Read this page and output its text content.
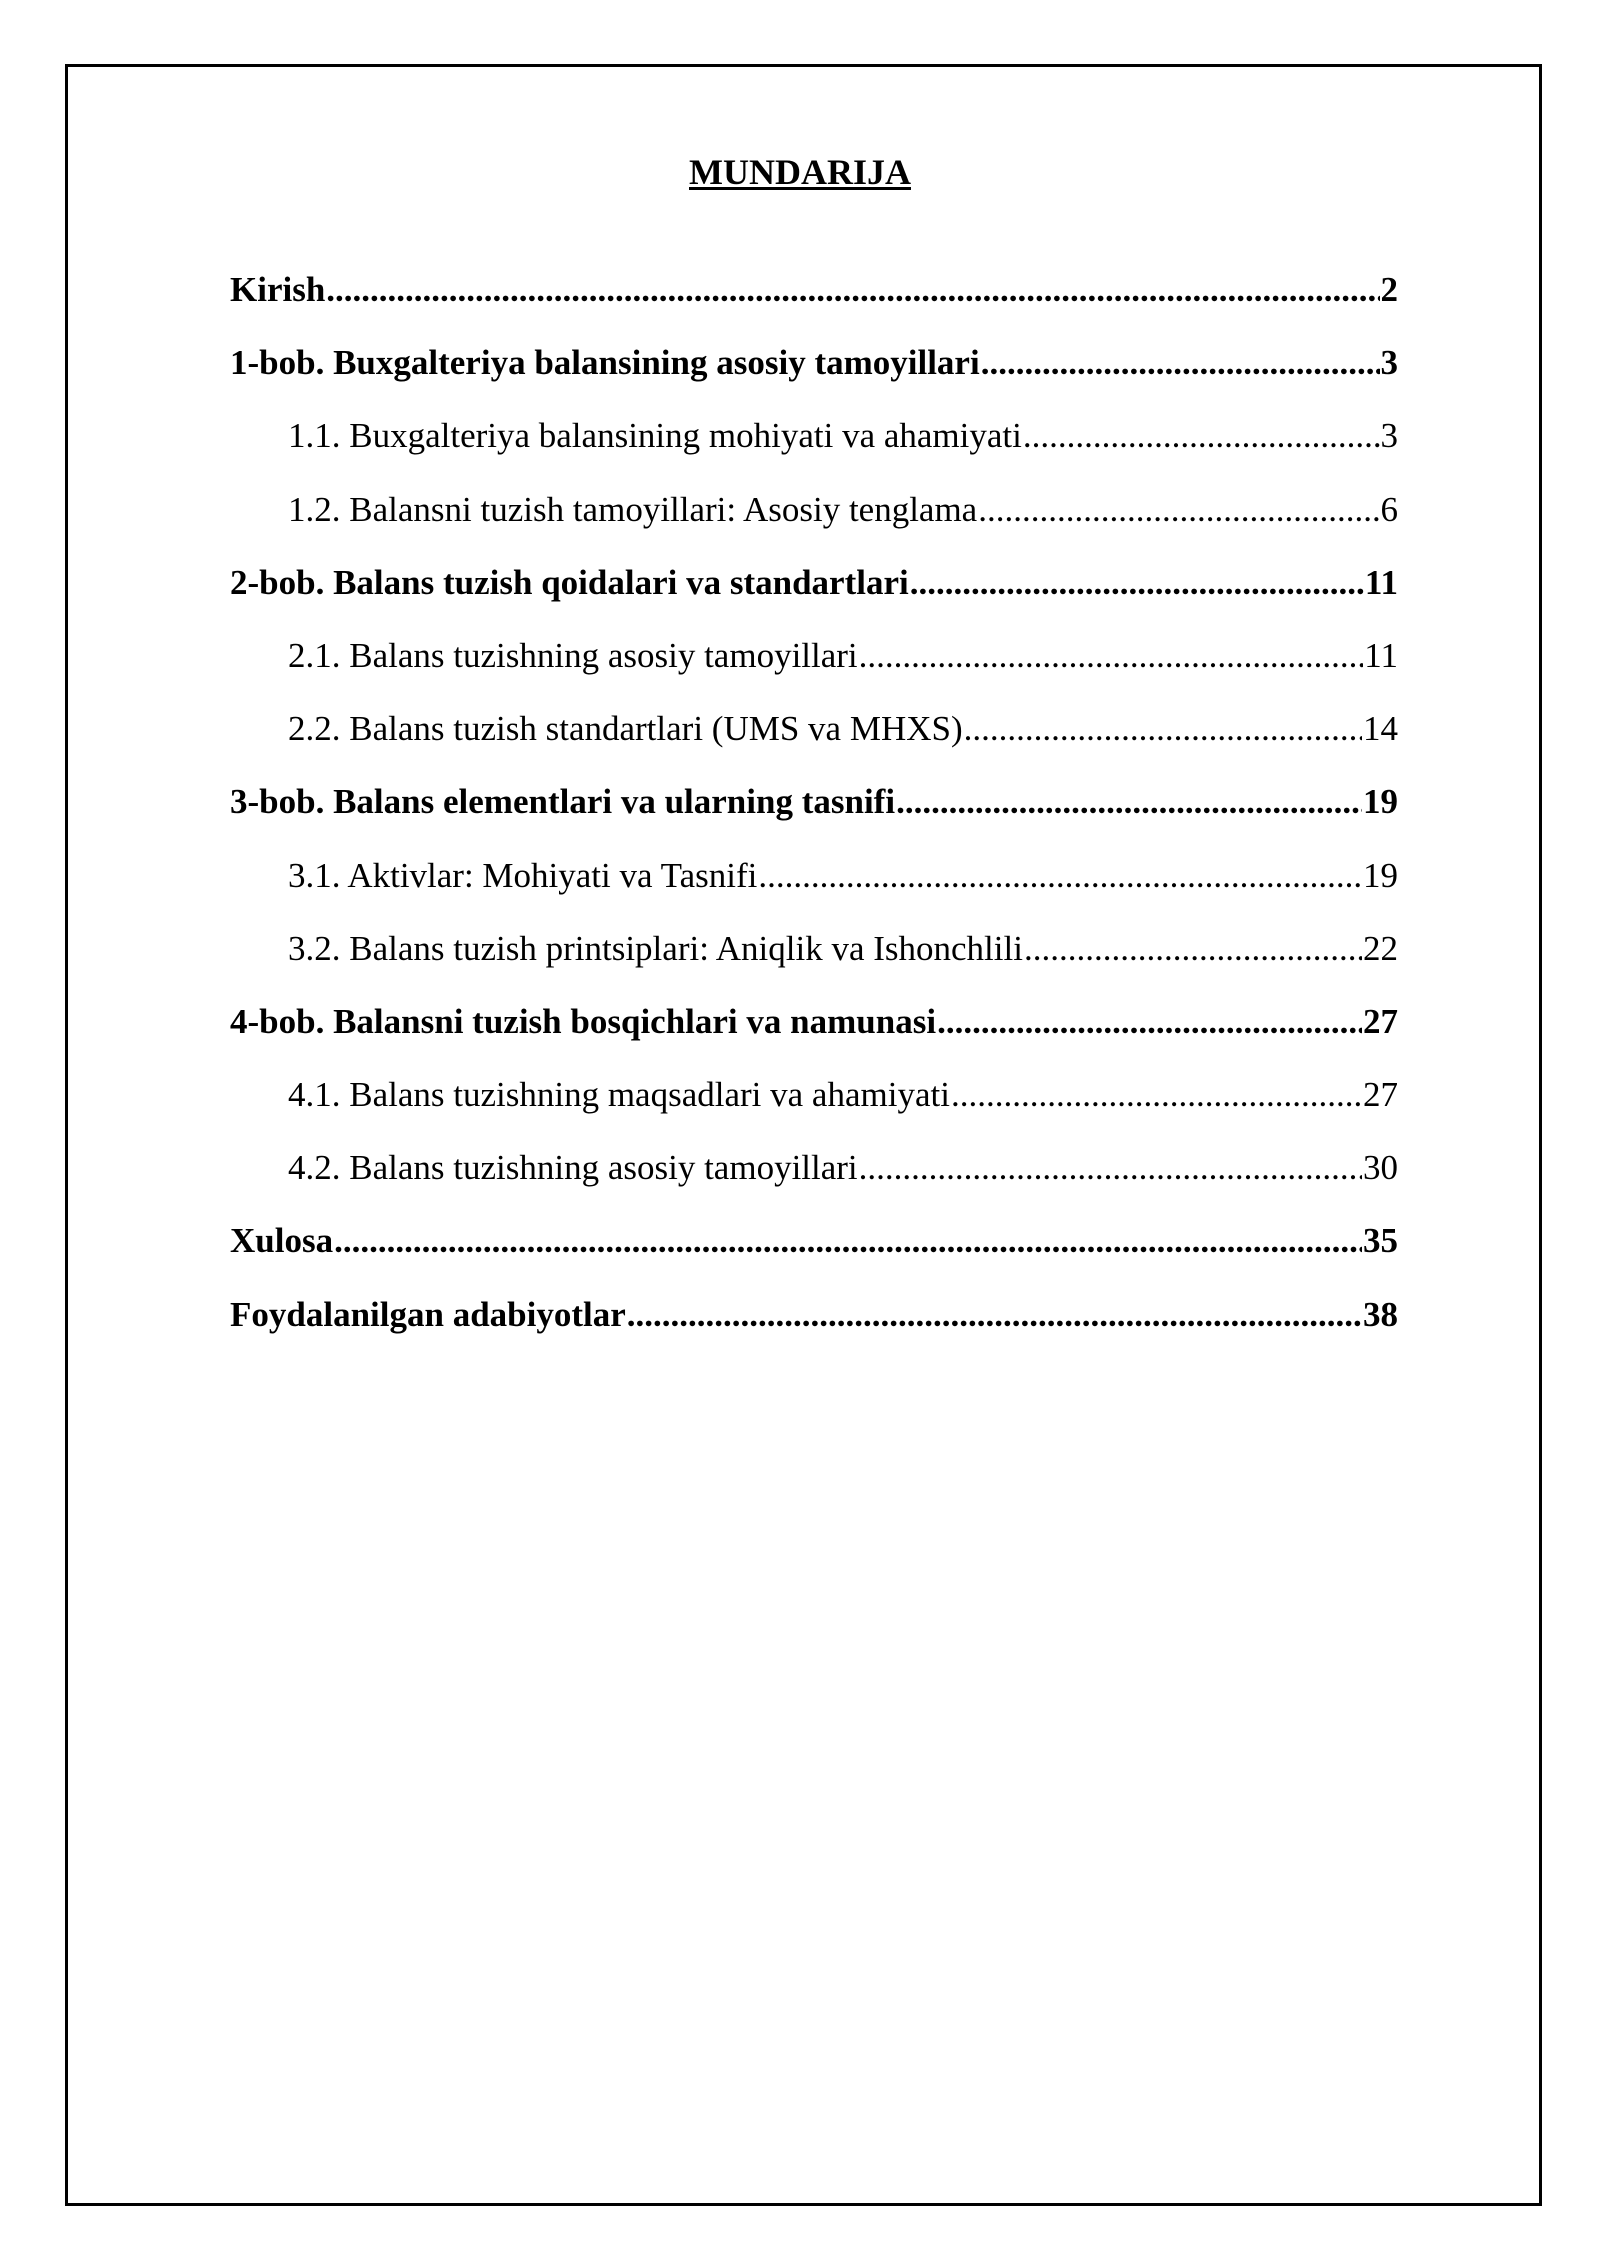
MUNDARIJA
Kirish .....	2
1-bob. Buxgalteriya balansining asosiy tamoyillari .....	3
1.1. Buxgalteriya balansining mohiyati va ahamiyati .....	3
1.2. Balansni tuzish tamoyillari: Asosiy tenglama .....	6
2-bob. Balans tuzish qoidalari va standartlari .....	11
2.1. Balans tuzishning asosiy tamoyillari .....	11
2.2. Balans tuzish standartlari (UMS va MHXS) .....	14
3-bob. Balans elementlari va ularning tasnifi .....	19
3.1. Aktivlar: Mohiyati va Tasnifi .....	19
3.2. Balans tuzish printsiplari: Aniqlik va Ishonchlili .....	22
4-bob. Balansni tuzish bosqichlari va namunasi .....	27
4.1. Balans tuzishning maqsadlari va ahamiyati .....	27
4.2. Balans tuzishning asosiy tamoyillari .....	30
Xulosa .....	35
Foydalanilgan adabiyotlar .....	38
